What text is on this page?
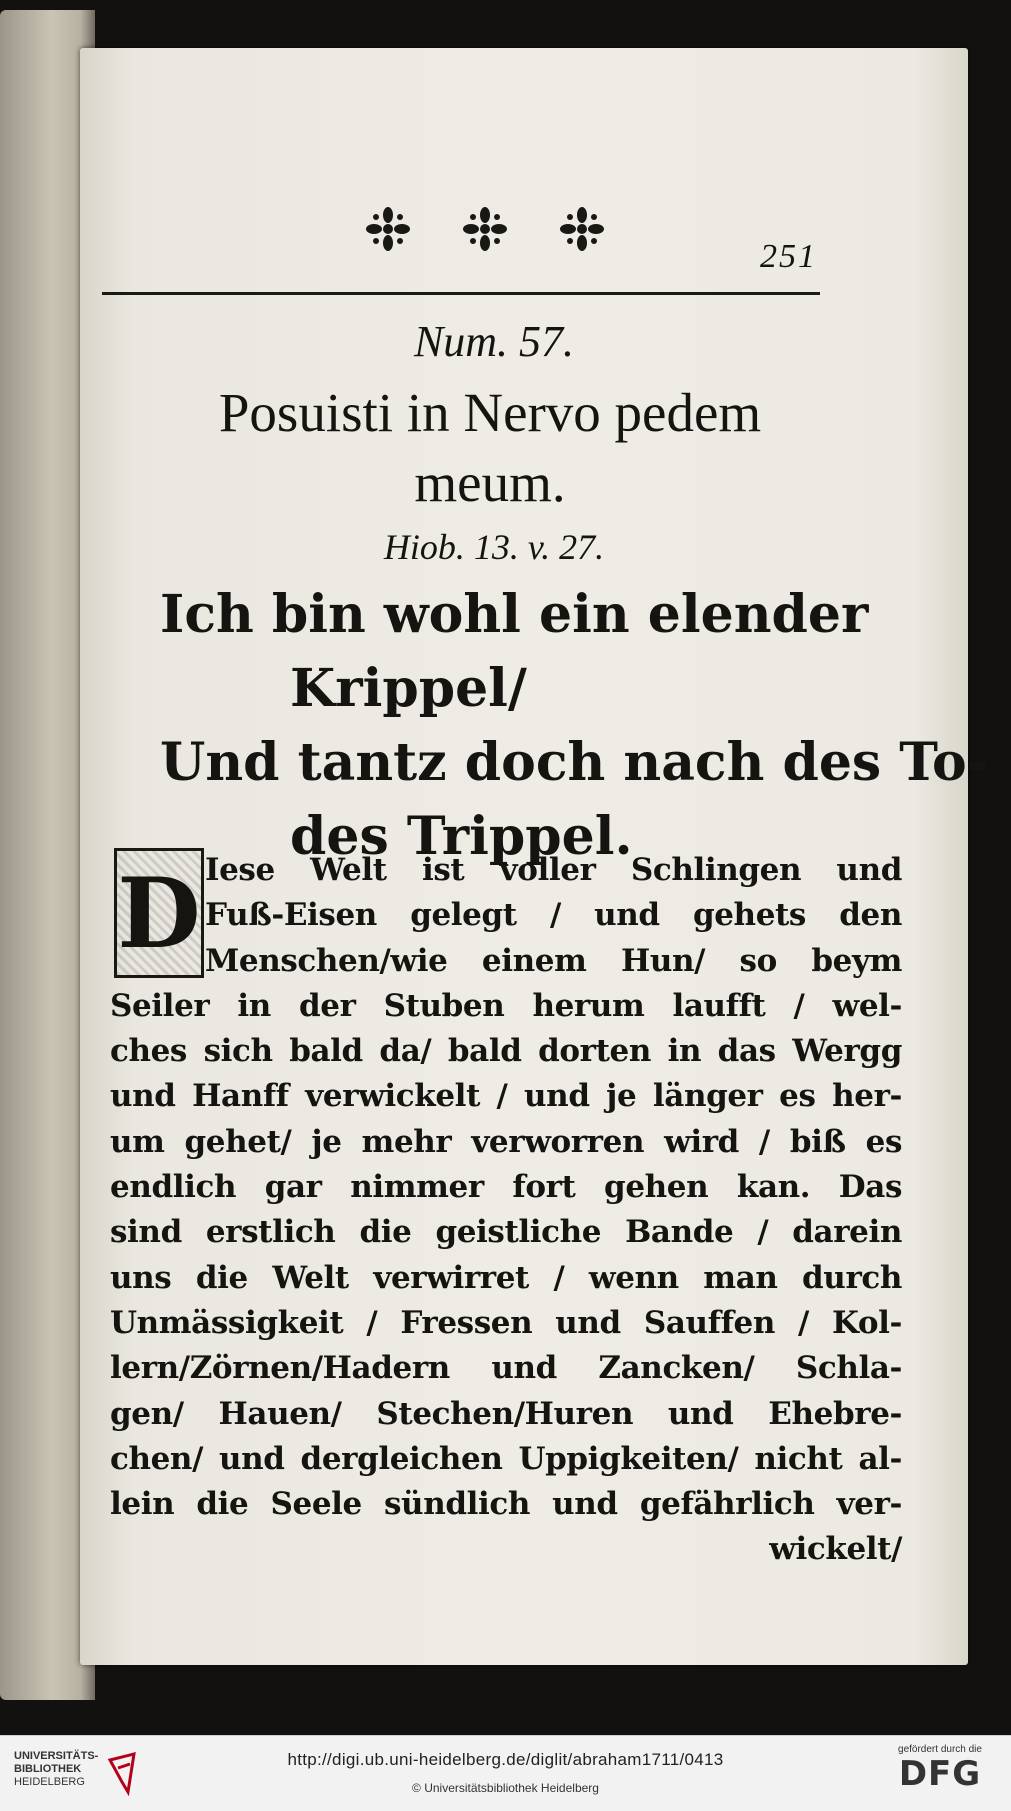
251
Num. 57.
Posuisti in Nervo pedem
meum.
Hiob. 13. v. 27.
Ich bin wohl ein elender
Krippel/
Und tantz doch nach des To-
des Trippel.
D Iese Welt ist voller Schlingen und
Fuß-Eisen gelegt / und gehets den
Menschen/wie einem Hun/ so beym
Seiler in der Stuben herum laufft / wel-
ches sich bald da/ bald dorten in das Wergg
und Hanff verwickelt / und je länger es her-
um gehet/ je mehr verworren wird / biß es
endlich gar nimmer fort gehen kan. Das
sind erstlich die geistliche Bande / darein
uns die Welt verwirret / wenn man durch
Unmässigkeit / Fressen und Sauffen / Kol-
lern/Zörnen/Hadern und Zancken/ Schla-
gen/ Hauen/ Stechen/Huren und Ehebre-
chen/ und dergleichen Uppigkeiten/ nicht al-
lein die Seele sündlich und gefährlich ver-
wickelt/
UNIVERSITÄTS-
BIBLIOTHEK
HEIDELBERG
http://digi.ub.uni-heidelberg.de/diglit/abraham1711/0413
© Universitätsbibliothek Heidelberg
gefördert durch die
DFG
